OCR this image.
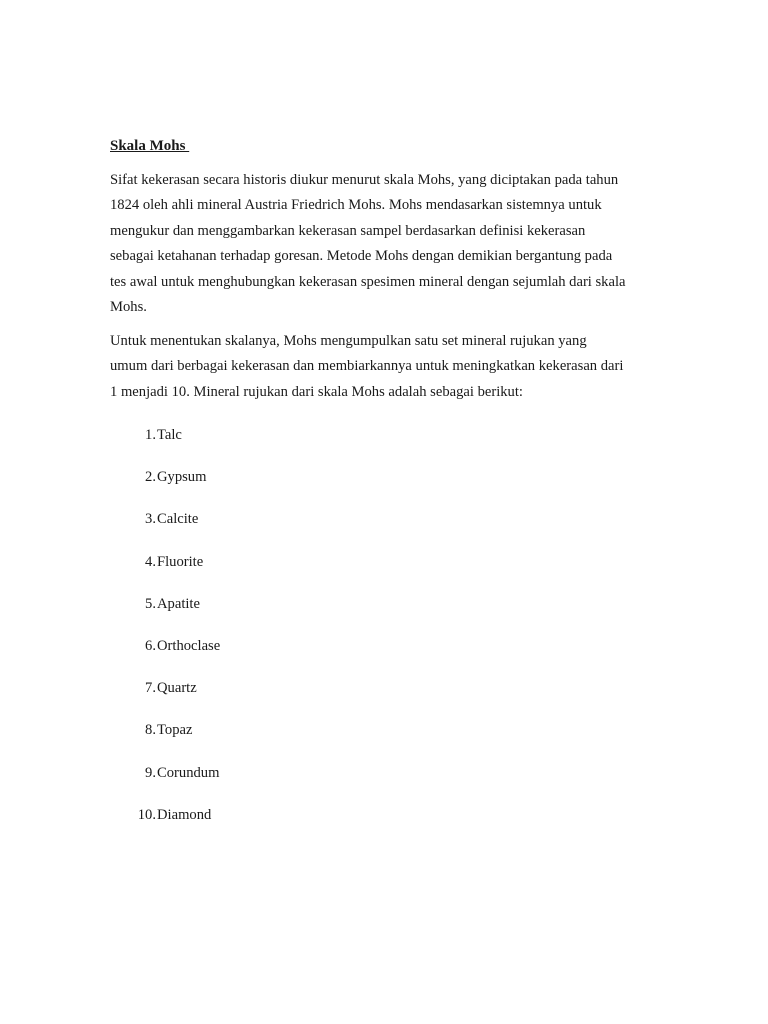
Skala Mohs

Sifat kekerasan secara historis diukur menurut skala Mohs, yang diciptakan pada tahun
1824 oleh ahli mineral Austria Friedrich Mohs. Mohs mendasarkan sistemnya untuk
mengukur dan menggambarkan kekerasan sampel berdasarkan definisi kekerasan
sebagai ketahanan terhadap goresan. Metode Mohs dengan demikian bergantung pada
tes awal untuk menghubungkan kekerasan spesimen mineral dengan sejumlah dari skala
Mohs.

Untuk menentukan skalanya, Mohs mengumpulkan satu set mineral rujukan yang
umum dari berbagai kekerasan dan membiarkannya untuk meningkatkan kekerasan dari
1 menjadi 10. Mineral rujukan dari skala Mohs adalah sebagai berikut:

1. Talc
2. Gypsum
3. Calcite
4. Fluorite
5. Apatite
6. Orthoclase
7. Quartz
8. Topaz
9. Corundum
10. Diamond
